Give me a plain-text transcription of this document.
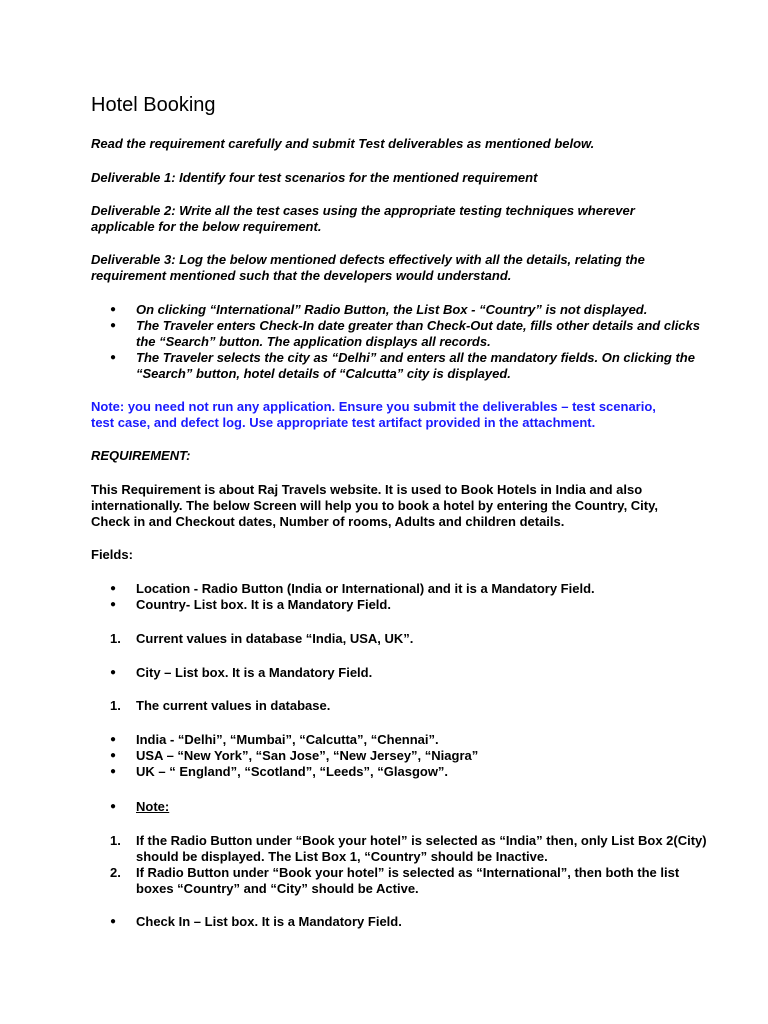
Hotel Booking
Read the requirement carefully and submit Test deliverables as mentioned below.
Deliverable 1: Identify four test scenarios for the mentioned requirement
Deliverable 2: Write all the test cases using the appropriate testing techniques wherever applicable for the below requirement.
Deliverable 3: Log the below mentioned defects effectively with all the details, relating the requirement mentioned such that the developers would understand.
● On clicking “International” Radio Button, the List Box - “Country” is not displayed.
● The Traveler enters Check-In date greater than Check-Out date, fills other details and clicks the “Search” button. The application displays all records.
● The Traveler selects the city as “Delhi” and enters all the mandatory fields. On clicking the “Search” button, hotel details of “Calcutta” city is displayed.
Note: you need not run any application. Ensure you submit the deliverables – test scenario, test case, and defect log. Use appropriate test artifact provided in the attachment.
REQUIREMENT:
This Requirement is about Raj Travels website. It is used to Book Hotels in India and also internationally. The below Screen will help you to book a hotel by entering the Country, City, Check in and Checkout dates, Number of rooms, Adults and children details.
Fields:
● Location - Radio Button (India or International) and it is a Mandatory Field.
● Country- List box. It is a Mandatory Field.
1. Current values in database “India, USA, UK”.
● City – List box. It is a Mandatory Field.
1. The current values in database.
● India - “Delhi”, “Mumbai”, “Calcutta”, “Chennai”.
● USA – “New York”, “San Jose”, “New Jersey”, “Niagra”
● UK – “ England”, “Scotland”, “Leeds”, “Glasgow”.
● Note:
1. If the Radio Button under “Book your hotel” is selected as “India” then, only List Box 2(City) should be displayed. The List Box 1, “Country” should be Inactive.
2. If Radio Button under “Book your hotel” is selected as “International”, then both the list boxes “Country” and “City” should be Active.
● Check In – List box. It is a Mandatory Field.
